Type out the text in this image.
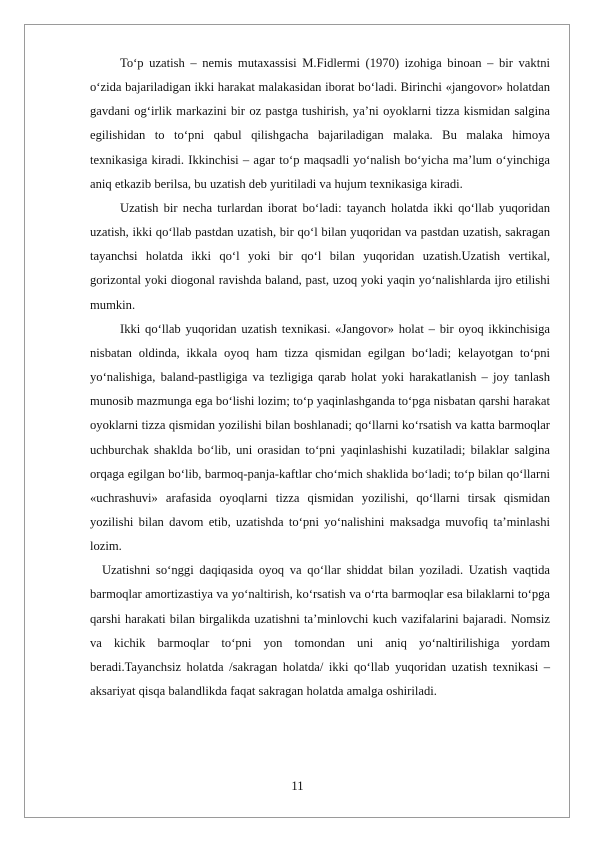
To‘p uzatish – nemis mutaxassisi M.Fidlermi (1970) izohiga binoan – bir vaktni o‘zida bajariladigan ikki harakat malakasidan iborat bo‘ladi. Birinchi «jangovor» holatdan gavdani og‘irlik markazini bir oz pastga tushirish, ya’ni oyoklarni tizza kismidan salgina egilishidan to to‘pni qabul qilishgacha bajariladigan malaka. Bu malaka himoya texnikasiga kiradi. Ikkinchisi – agar to‘p maqsadli yo‘nalish bo‘yicha ma’lum o‘yinchiga aniq etkazib berilsa, bu uzatish deb yuritiladi va hujum texnikasiga kiradi.

Uzatish bir necha turlardan iborat bo‘ladi: tayanch holatda ikki qo‘llab yuqoridan uzatish, ikki qo‘llab pastdan uzatish, bir qo‘l bilan yuqoridan va pastdan uzatish, sakragan tayanchsi holatda ikki qo‘l yoki bir qo‘l bilan yuqoridan uzatish.Uzatish vertikal, gorizontal yoki diogonal ravishda baland, past, uzoq yoki yaqin yo‘nalishlarda ijro etilishi mumkin.

Ikki qo‘llab yuqoridan uzatish texnikasi. «Jangovor» holat – bir oyoq ikkinchisiga nisbatan oldinda, ikkala oyoq ham tizza qismidan egilgan bo‘ladi; kelayotgan to‘pni yo‘nalishiga, baland-pastligiga va tezligiga qarab holat yoki harakatlanish – joy tanlash munosib mazmunga ega bo‘lishi lozim; to‘p yaqinlashganda to‘pga nisbatan qarshi harakat oyoklarni tizza qismidan yozilishi bilan boshlanadi; qo‘llarni ko‘rsatish va katta barmoqlar uchburchak shaklda bo‘lib, uni orasidan to‘pni yaqinlashishi kuzatiladi; bilaklar salgina orqaga egilgan bo‘lib, barmoq-panja-kaftlar cho‘mich shaklida bo‘ladi; to‘p bilan qo‘llarni «uchrashuvi» arafasida oyoqlarni tizza qismidan yozilishi, qo‘llarni tirsak qismidan yozilishi bilan davom etib, uzatishda to‘pni yo‘nalishini maksadga muvofiq ta’minlashi lozim.

Uzatishni so‘nggi daqiqasida oyoq va qo‘llar shiddat bilan yoziladi. Uzatish vaqtida barmoqlar amortizastiya va yo‘naltirish, ko‘rsatish va o‘rta barmoqlar esa bilaklarni to‘pga qarshi harakati bilan birgalikda uzatishni ta’minlovchi kuch vazifalarini bajaradi. Nomsiz va kichik barmoqlar to‘pni yon tomondan uni aniq yo‘naltirilishiga yordam beradi.Tayanchsiz holatda /sakragan holatda/ ikki qo‘llab yuqoridan uzatish texnikasi – aksariyat qisqa balandlikda faqat sakragan holatda amalga oshiriladi.

11
